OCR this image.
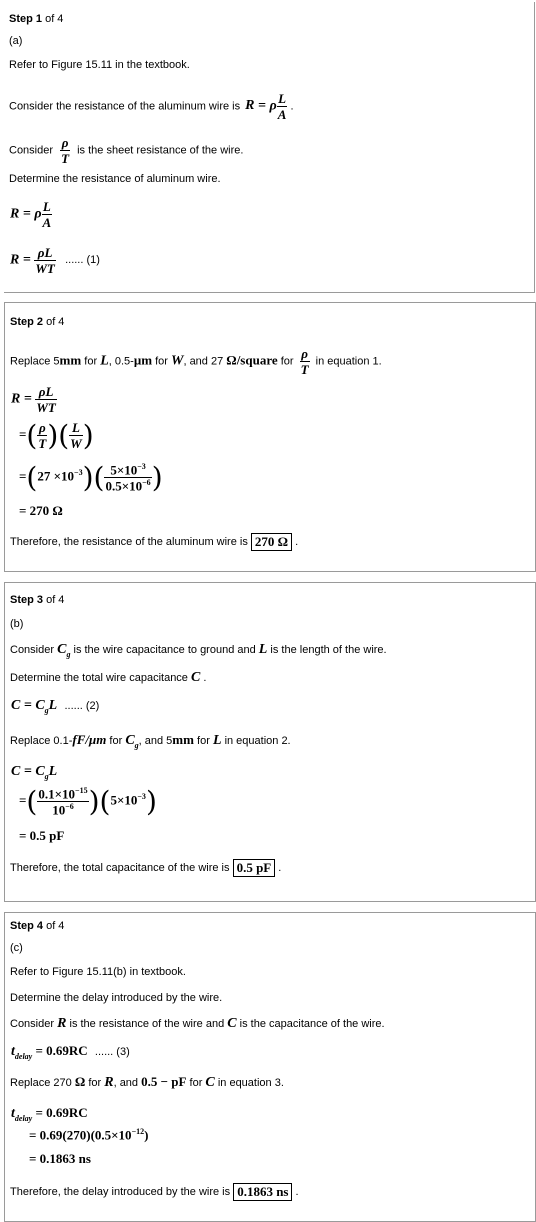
Step 1 of 4
(a)
Refer to Figure 15.11 in the textbook.
Consider the resistance of the aluminum wire is R = ρ $\frac{L}{A}$ .
Consider $\frac{\rho}{T}$ is the sheet resistance of the wire.
Determine the resistance of aluminum wire.
R = ρ $\frac{L}{A}$
$R = \frac{\rho L}{WT}$ ...... (1)
Step 2 of 4
Replace 5mm for L, 0.5-μm for W, and 27 Ω/square for $\frac{\rho}{T}$ in equation 1.
$R = \frac{\rho L}{WT}$
=( $\frac{\rho}{T}$ )( $\frac{L}{W}$ )
$=(27 \times 10^{-3})( \frac{5\times 10^{-3}}{0.5\times 10^{-6}}$ )
= 270 Ω
Therefore, the resistance of the aluminum wire is 270 Ω .
Step 3 of 4
(b)
Consider $C_g$ is the wire capacitance to ground and L is the length of the wire.
Determine the total wire capacitance C .
$C = C_gL$ ...... (2)
Replace 0.1-fF/μm for $C_g$, and 5mm for L in equation 2.
$C = C_gL$
=( $\frac{0.1\times 10^{-15}}{10^{-6}} )(5\times 10^{-3})$
= 0.5 pF
Therefore, the total capacitance of the wire is 0.5 pF .
Step 4 of 4
(c)
Refer to Figure 15.11(b) in textbook.
Determine the delay introduced by the wire.
Consider R is the resistance of the wire and C is the capacitance of the wire.
$t_{delay} = 0.69RC$ ...... (3)
Replace 270 Ω for R, and 0.5 − pF for C in equation 3.
$t_{delay} = 0.69RC$
= $0.69(270)(0.5\times 10^{-12})$
= 0.1863 ns
Therefore, the delay introduced by the wire is 0.1863 ns .
